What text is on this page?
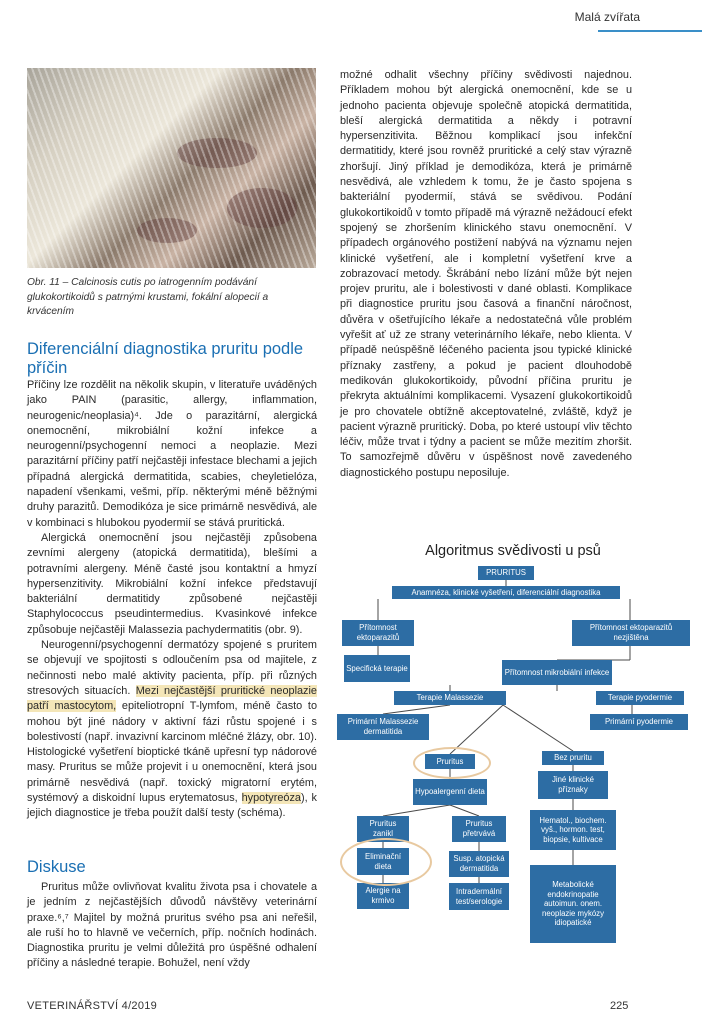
Malá zvířata
Obr. 11 – Calcinosis cutis po iatrogenním podávání glukokortikoidů s patrnými krustami, fokální alopecií a krvácením
Diferenciální diagnostika pruritu podle příčin

Příčiny lze rozdělit na několik skupin, v literatuře uváděných jako PAIN (parasitic, allergy, inflammation, neurogenic/neoplasia)⁴. Jde o parazitární, alergická onemocnění, mikrobiální kožní infekce a neurogenní/psychogenní nemoci a neoplazie. Mezi parazitární příčiny patří nejčastěji infestace blechami a jejich případná alergická dermatitida, scabies, cheyletielóza, napadení všenkami, vešmi, příp. některými méně běžnými druhy parazitů. Demodikóza je sice primárně nesvědivá, ale v kombinaci s hlubokou pyodermií se stává pruritická.

Alergická onemocnění jsou nejčastěji způsobena zevními alergeny (atopická dermatitida), blešími a potravními alergeny. Méně časté jsou kontaktní a hmyzí hypersenzitivity. Mikrobiální kožní infekce představují bakteriální dermatitidy způsobené nejčastěji Staphylococcus pseudintermedius. Kvasinkové infekce způsobuje nejčastěji Malassezia pachydermatitis (obr. 9).

Neurogenní/psychogenní dermatózy spojené s pruritem se objevují ve spojitosti s odloučením psa od majitele, z nečinnosti nebo malé aktivity pacienta, příp. při různých stresových situacích. Mezi nejčastější pruritické neoplazie patří mastocytom, epiteliotropní T-lymfom, méně často to mohou být jiné nádory v aktivní fázi růstu spojené i s bolestivostí (např. invazivní karcinom mléčné žlázy, obr. 10). Histologické vyšetření bioptické tkáně upřesní typ nádorové masy. Pruritus se může projevit i u onemocnění, která jsou primárně nesvědivá (např. toxický migratorní erytém, systémový a diskoidní lupus erytematosus, hypotyreóza), k jejich diagnostice je třeba použít další testy (schéma).

Diskuse

Pruritus může ovlivňovat kvalitu života psa i chovatele a je jedním z nejčastějších důvodů návštěvy veterinární praxe.⁶,⁷ Majitel by možná pruritus svého psa ani neřešil, ale ruší ho to hlavně ve večerních, příp. nočních hodinách. Diagnostika pruritu je velmi důležitá pro úspěšné odhalení příčiny a následné terapie. Bohužel, není vždy

možné odhalit všechny příčiny svědivosti najednou. Příkladem mohou být alergická onemocnění, kde se u jednoho pacienta objevuje společně atopická dermatitida, bleší alergická dermatitida a někdy i potravní hypersenzitivita. Běžnou komplikací jsou infekční dermatitidy, které jsou rovněž pruritické a celý stav výrazně zhoršují. Jiný příklad je demodikóza, která je primárně nesvědivá, ale vzhledem k tomu, že je často spojena s bakteriální pyodermií, stává se svědivou. Podání glukokortikoidů v tomto případě má výrazně nežádoucí efekt spojený se zhoršením klinického stavu onemocnění. V případech orgánového postižení nabývá na významu nejen klinické vyšetření, ale i kompletní vyšetření krve a zobrazovací metody. Škrábání nebo lízání může být nejen projev pruritu, ale i bolestivosti v dané oblasti. Komplikace při diagnostice pruritu jsou časová a finanční náročnost, důvěra v ošetřujícího lékaře a nedostatečná vůle problém vyřešit ať už ze strany veterinárního lékaře, nebo klienta. V případě neúspěšně léčeného pacienta jsou typické klinické příznaky zastřeny, a pokud je pacient dlouhodobě medikován glukokortikoidy, původní příčina pruritu je překryta aktuálními komplikacemi. Vysazení glukokortikoidů je pro chovatele obtížně akceptovatelné, zvláště, když je pacient výrazně pruritický. Doba, po které ustoupí vliv těchto léčiv, může trvat i týdny a pacient se může mezitím zhoršit. To samozřejmě důvěru v úspěšnost nově zavedeného diagnostického postupu neposiluje.

Algoritmus svědivosti u psů
PRURITUS
Anamnéza, klinické vyšetření, diferenciální diagnostika
Přítomnost ektoparazitů
Přítomnost ektoparazitů nezjištěna
Specifická terapie	Přítomnost mikrobiální infekce
Terapie Malassezie	Terapie pyodermie
Primární Malassezie dermatitida
Primární pyodermie
Pruritus	Bez pruritu
Hypoalergenní dieta
Jiné klinické příznaky
Pruritus zanikl
Pruritus přetrvává
Hematol., biochem. vyš., hormon. test, biopsie, kultivace
Eliminační dieta
Susp. atopická dermatitida
Metabolické endokrinopatie autoimun. onem. neoplazie mykózy idiopatické
Alergie na krmivo
Intradermální test/serologie
VETERINÁŘSTVÍ 4/2019	225
